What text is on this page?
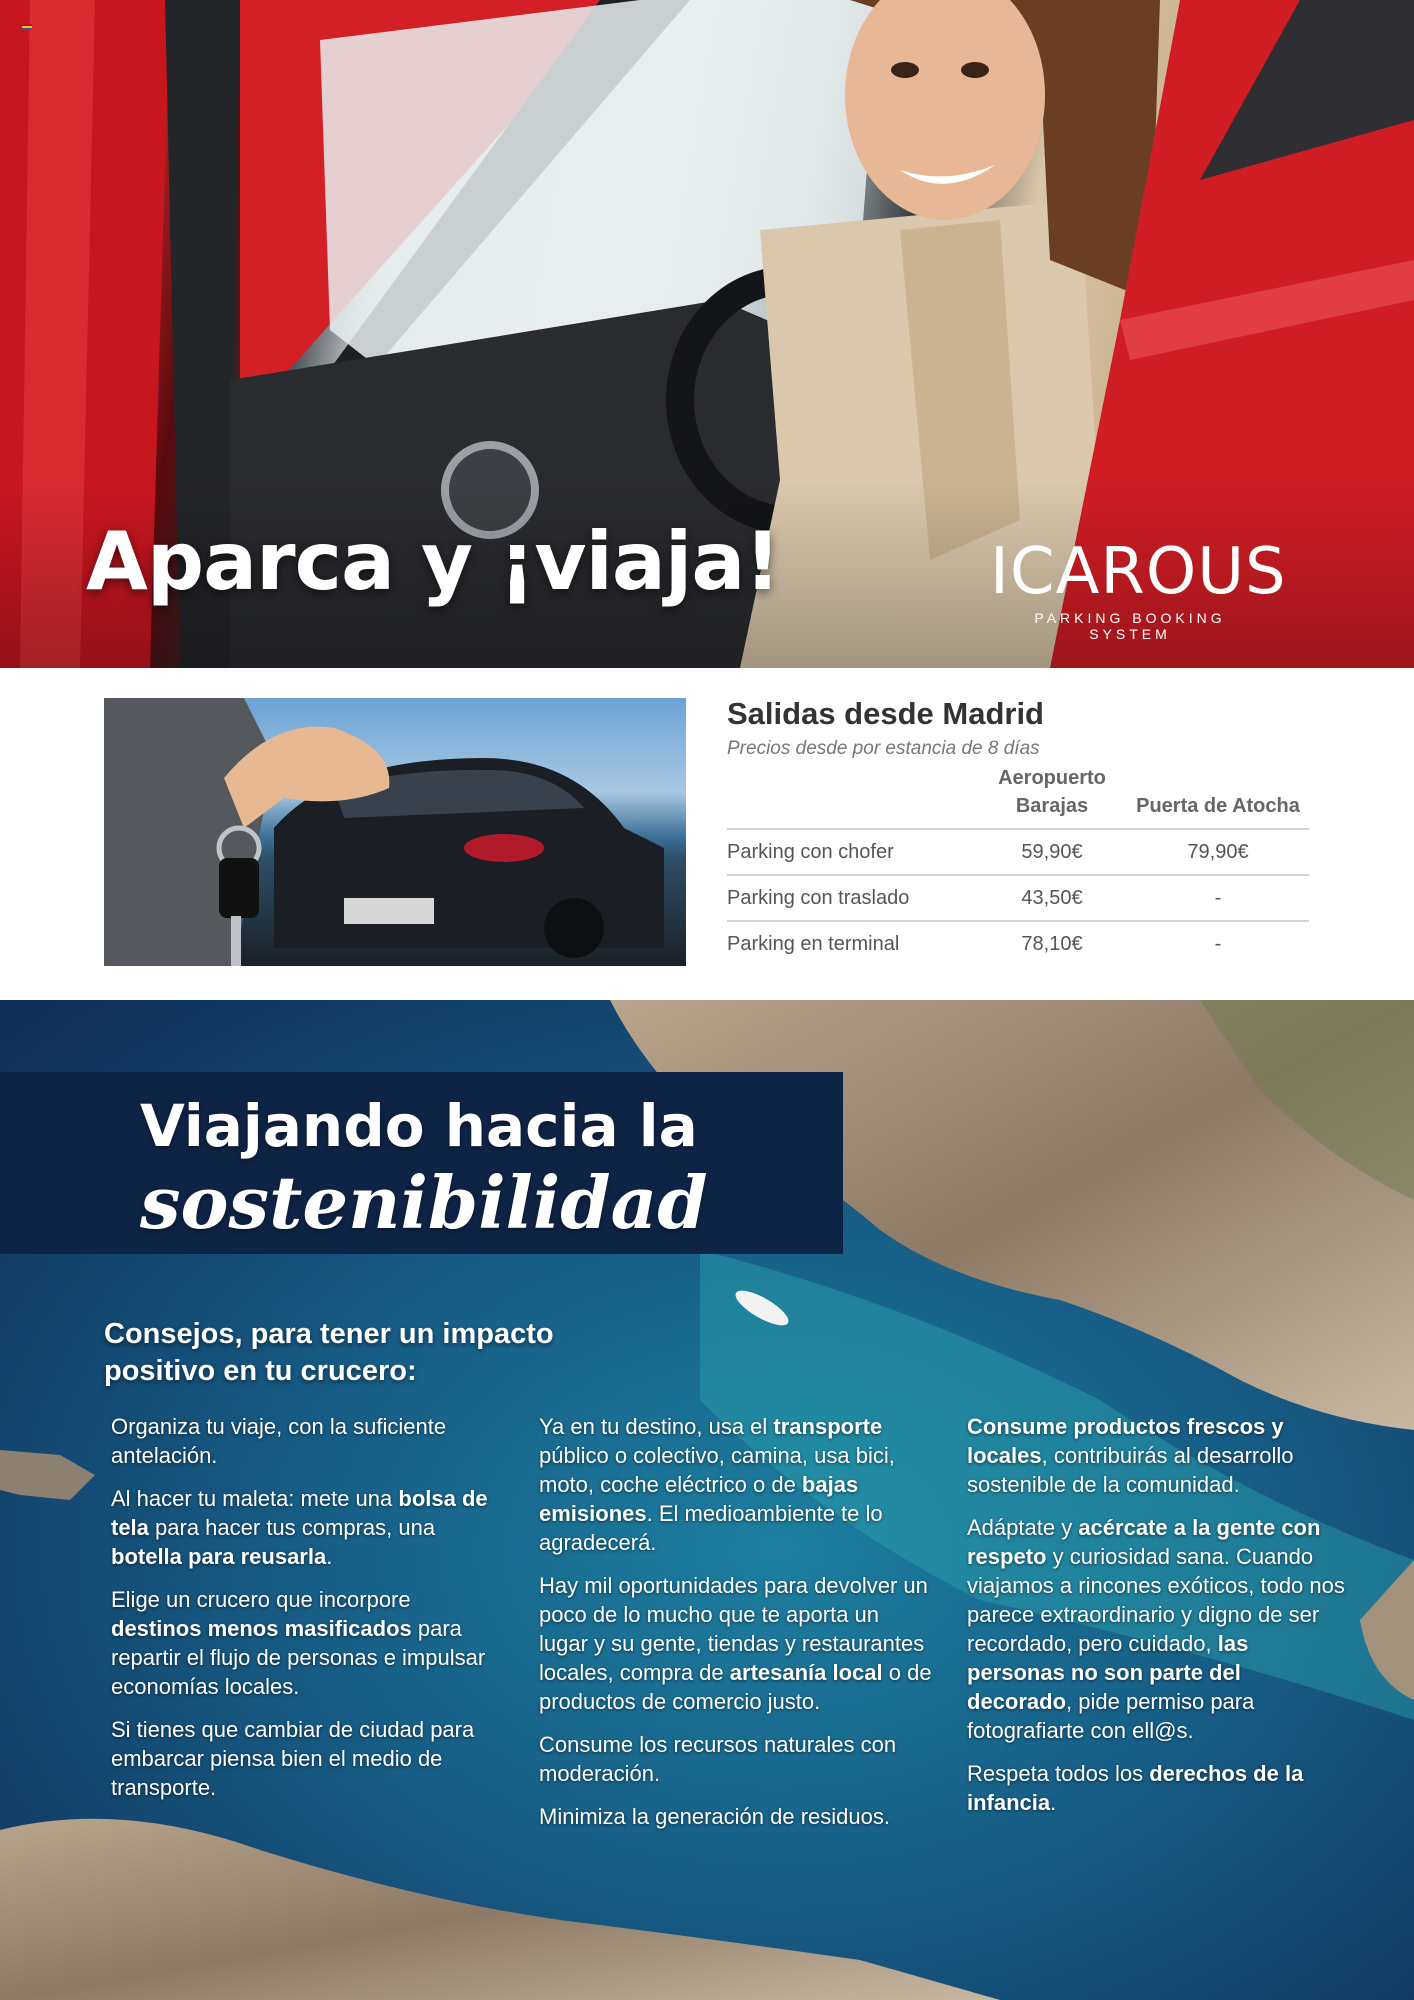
Aparca y ¡viaja!	ICAROUS
PARKING BOOKING SYSTEM
Salidas desde Madrid
Precios desde por estancia de 8 días
	Aeropuerto Barajas	Puerta de Atocha
Parking con chofer	59,90€	79,90€
Parking con traslado	43,50€	-
Parking en terminal	78,10€	-
Viajando hacia la
sostenibilidad
Consejos, para tener un impacto positivo en tu crucero:

Organiza tu viaje, con la suficiente antelación.

Al hacer tu maleta: mete una bolsa de tela para hacer tus compras, una botella para reusarla.

Elige un crucero que incorpore destinos menos masificados para repartir el flujo de personas e impulsar economías locales.

Si tienes que cambiar de ciudad para embarcar piensa bien el medio de transporte.

Ya en tu destino, usa el transporte público o colectivo, camina, usa bici, moto, coche eléctrico o de bajas emisiones. El medioambiente te lo agradecerá.

Hay mil oportunidades para devolver un poco de lo mucho que te aporta un lugar y su gente, tiendas y restaurantes locales, compra de artesanía local o de productos de comercio justo.

Consume los recursos naturales con moderación.

Minimiza la generación de residuos.

Consume productos frescos y locales, contribuirás al desarrollo sostenible de la comunidad.

Adáptate y acércate a la gente con respeto y curiosidad sana. Cuando viajamos a rincones exóticos, todo nos parece extraordinario y digno de ser recordado, pero cuidado, las personas no son parte del decorado, pide permiso para fotografiarte con ell@s.

Respeta todos los derechos de la infancia.
